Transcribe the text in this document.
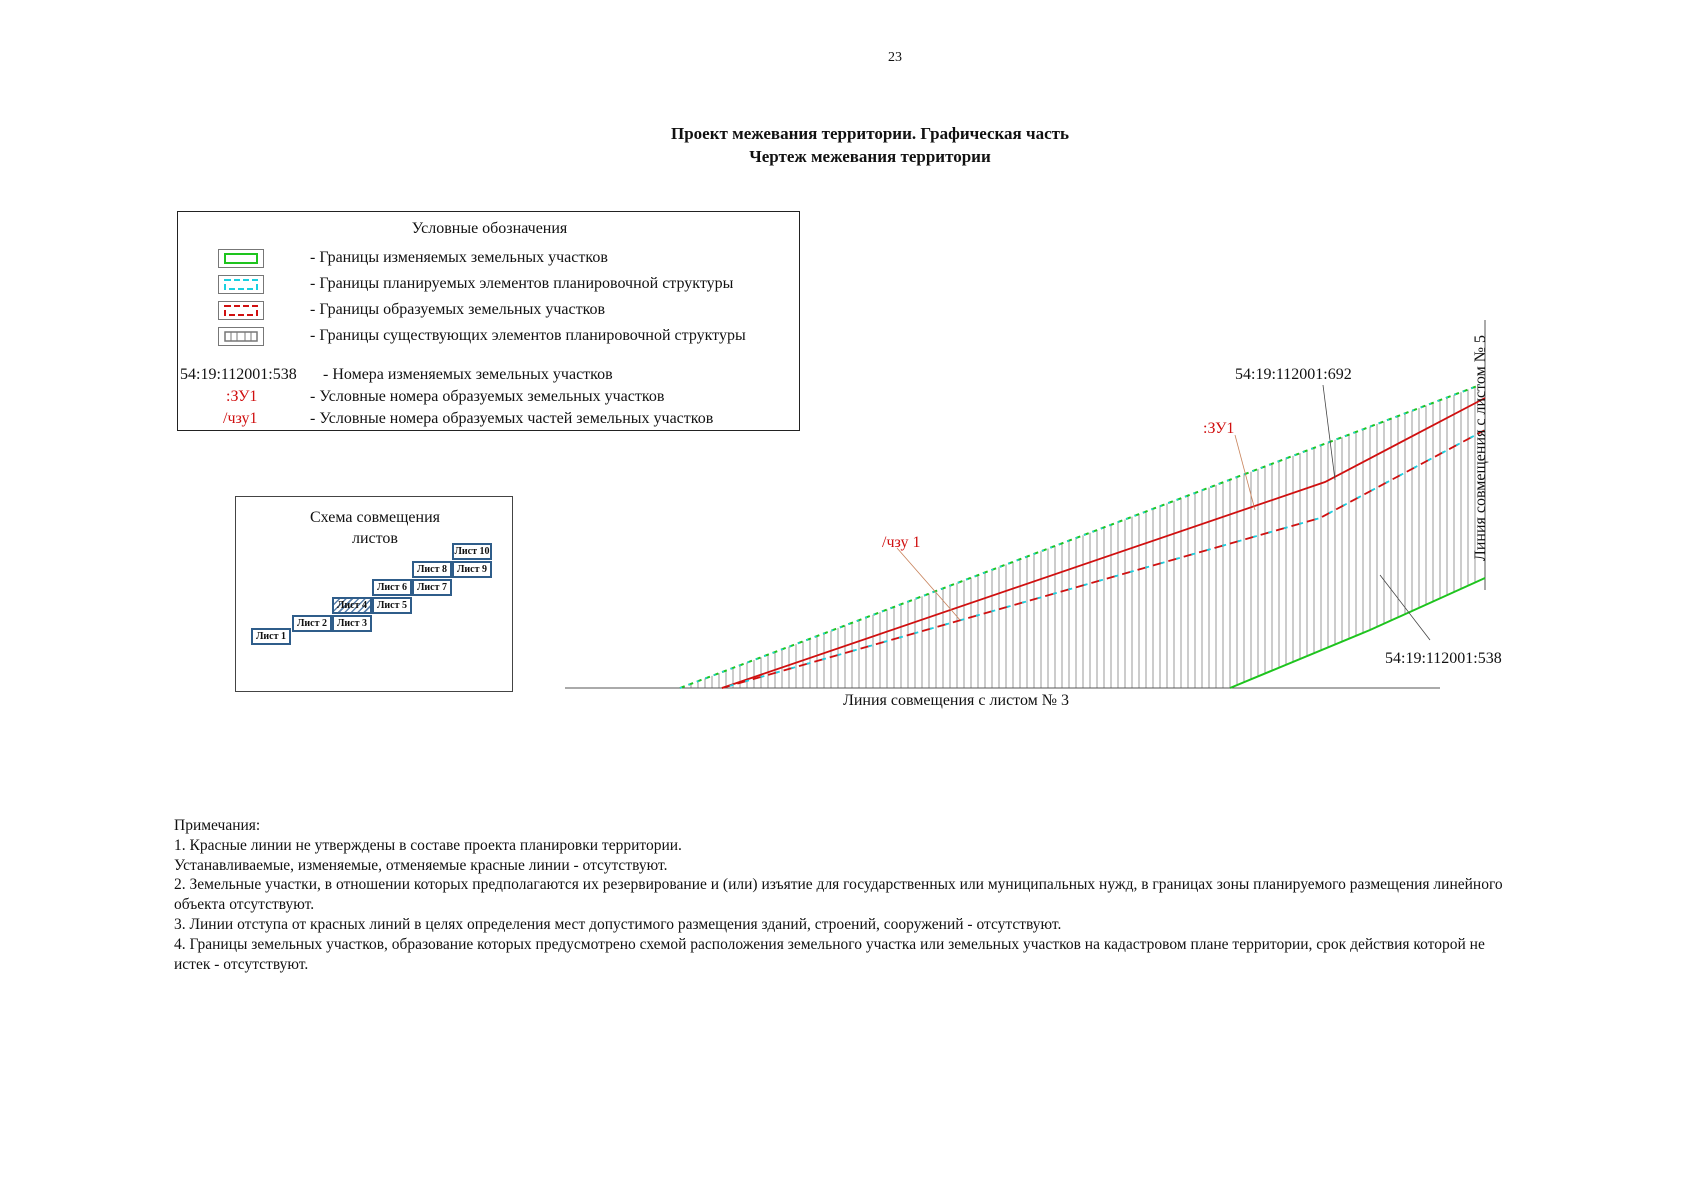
23
Проект межевания территории. Графическая часть
Чертеж межевания территории
Условные обозначения
- Границы изменяемых земельных участков
- Границы планируемых элементов планировочной структуры
- Границы образуемых земельных участков
- Границы существующих элементов планировочной структуры
54:19:112001:538 - Номера изменяемых земельных участков
:ЗУ1	- Условные номера образуемых земельных участков
/чзу1	- Условные номера образуемых частей земельных участков
Схема совмещения
листов
Лист 1
Лист 2 Лист 3
Лист 4 Лист 5
Лист 6 Лист 7
Лист 8 Лист 9
Лист 10
54:19:112001:692
:ЗУ1
/чзу 1
54:19:112001:538
Линия совмещения с листом № 3
Линия совмещения с листом № 5
Примечания:
1. Красные линии не утверждены в составе проекта планировки территории.
Устанавливаемые, изменяемые, отменяемые красные линии - отсутствуют.
2. Земельные участки, в отношении которых предполагаются их резервирование и (или) изъятие для государственных или муниципальных нужд, в границах зоны планируемого размещения линейного объекта отсутствуют.
3. Линии отступа от красных линий в целях определения мест допустимого размещения зданий, строений, сооружений - отсутствуют.
4. Границы земельных участков, образование которых предусмотрено схемой расположения земельного участка или земельных участков на кадастровом плане территории, срок действия которой не истек - отсутствуют.
